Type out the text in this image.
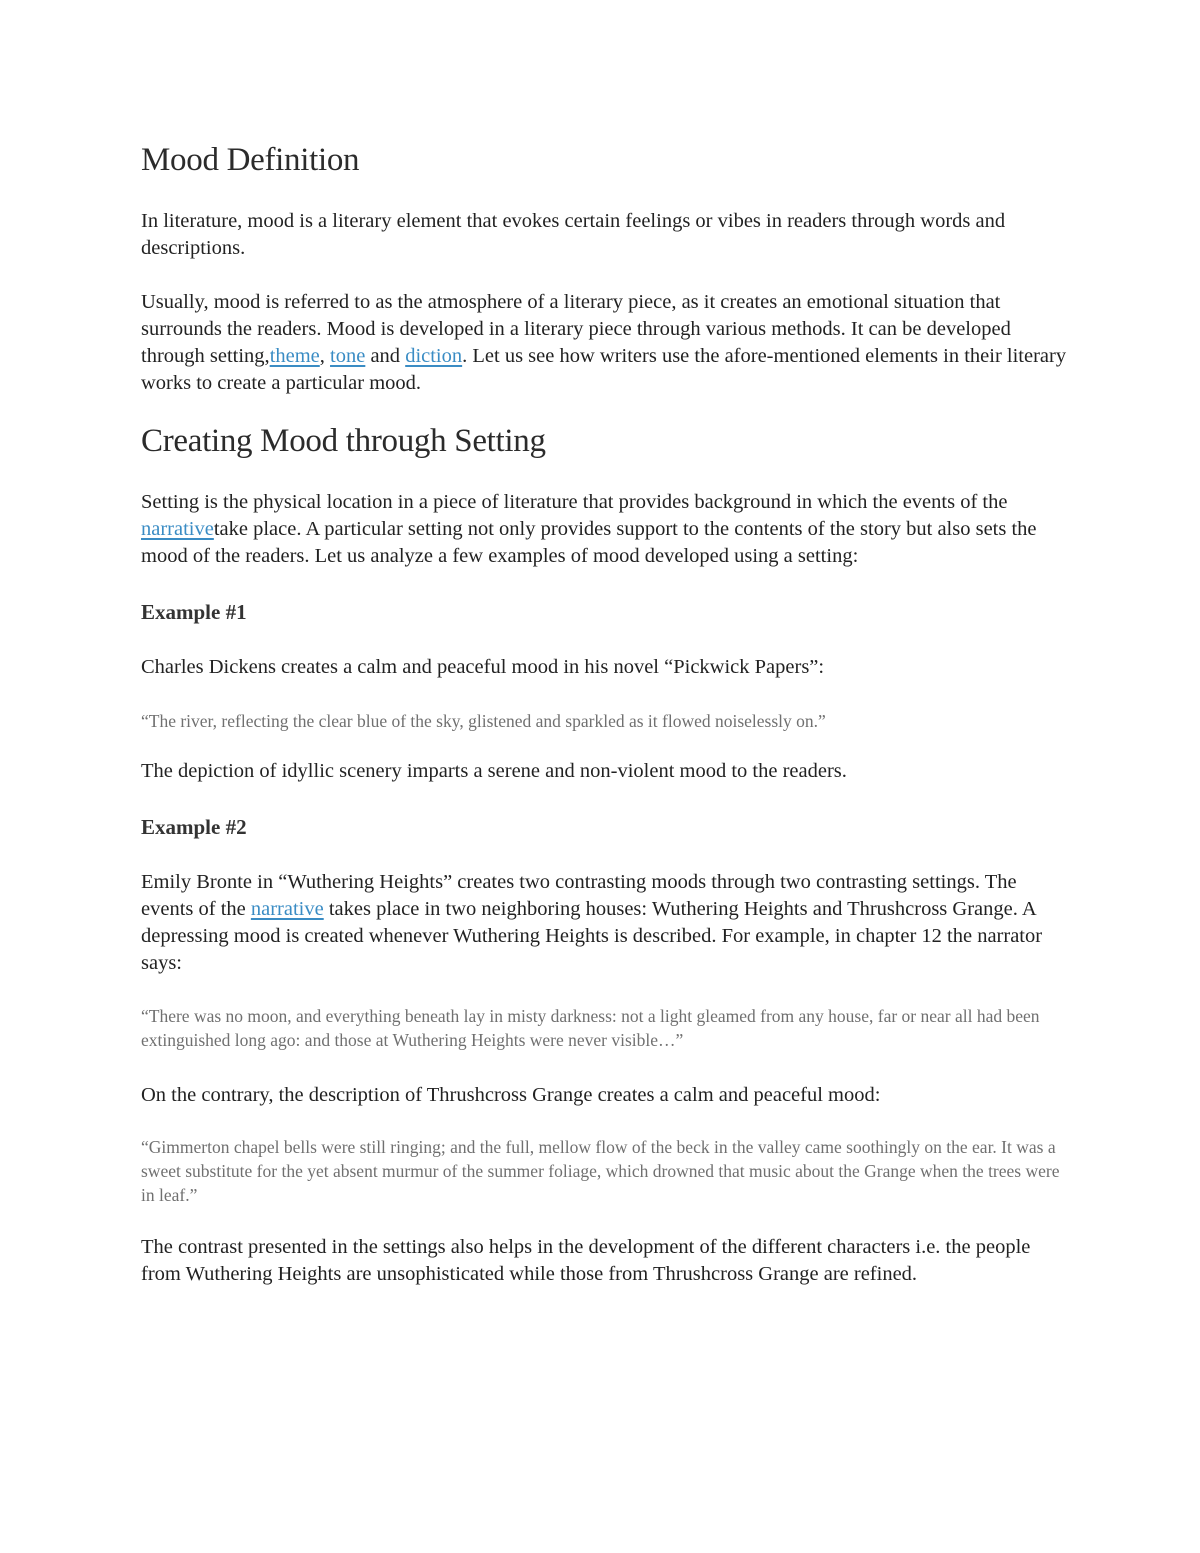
Mood Definition

In literature, mood is a literary element that evokes certain feelings or vibes in readers through words and descriptions.

Usually, mood is referred to as the atmosphere of a literary piece, as it creates an emotional situation that surrounds the readers. Mood is developed in a literary piece through various methods. It can be developed through setting,theme, tone and diction. Let us see how writers use the afore-mentioned elements in their literary works to create a particular mood.

Creating Mood through Setting

Setting is the physical location in a piece of literature that provides background in which the events of the narrativetake place. A particular setting not only provides support to the contents of the story but also sets the mood of the readers. Let us analyze a few examples of mood developed using a setting:

Example #1

Charles Dickens creates a calm and peaceful mood in his novel “Pickwick Papers”:

“The river, reflecting the clear blue of the sky, glistened and sparkled as it flowed noiselessly on.”

The depiction of idyllic scenery imparts a serene and non-violent mood to the readers.

Example #2

Emily Bronte in “Wuthering Heights” creates two contrasting moods through two contrasting settings. The events of the narrative takes place in two neighboring houses: Wuthering Heights and Thrushcross Grange. A depressing mood is created whenever Wuthering Heights is described. For example, in chapter 12 the narrator says:

“There was no moon, and everything beneath lay in misty darkness: not a light gleamed from any house, far or near all had been extinguished long ago: and those at Wuthering Heights were never visible…”

On the contrary, the description of Thrushcross Grange creates a calm and peaceful mood:

“Gimmerton chapel bells were still ringing; and the full, mellow flow of the beck in the valley came soothingly on the ear. It was a sweet substitute for the yet absent murmur of the summer foliage, which drowned that music about the Grange when the trees were in leaf.”

The contrast presented in the settings also helps in the development of the different characters i.e. the people from Wuthering Heights are unsophisticated while those from Thrushcross Grange are refined.
